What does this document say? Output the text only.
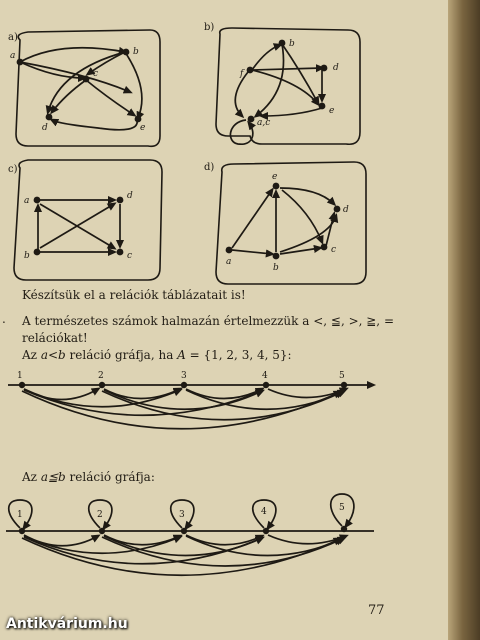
a)
a	b
c
d	e
b)
b
f
d
e
a,c
c)
a	d
b	c
d)
a
b
e
c
d
1	2	3	4	5
1	2	3	4	5
Készítsük el a relációk táblázatait is!
. A természetes számok halmazán értelmezzük a <, ≦, >, ≧, =
relációkat!
Az a<b reláció gráfja, ha A = {1, 2, 3, 4, 5}:
Az a≦b reláció gráfja:
77
Antikvárium.hu
